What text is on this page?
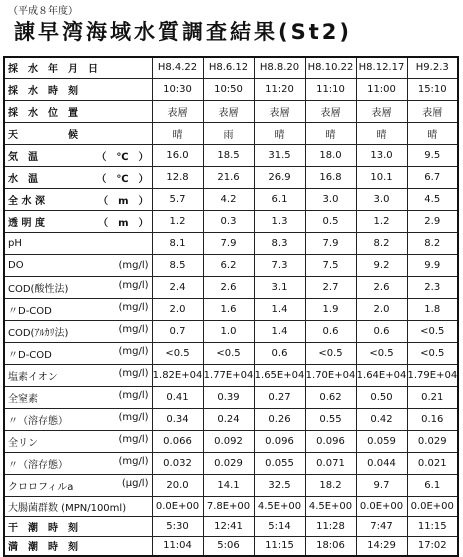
（平成８年度）
諌早湾海域水質調査結果(St2)
採　水　年　月　日	H8.4.22	H8.6.12	H8.8.20	H8.10.22	H8.12.17	H9.2.3
採　水　時　刻	10:30	10:50	11:20	11:10	11:00	15:10
採　水　位　置	表層	表層	表層	表層	表層	表層
天　　　　　候	晴	雨	晴	晴	晴	晴
気　温 （　℃　）	16.0	18.5	31.5	18.0	13.0	9.5
水　温 （　℃　）	12.8	21.6	26.9	16.8	10.1	6.7
全 水 深 （　m　）	5.7	4.2	6.1	3.0	3.0	4.5
透 明 度 （　m　）	1.2	0.3	1.3	0.5	1.2	2.9
pH	8.1	7.9	8.3	7.9	8.2	8.2
DO (mg/l)	8.5	6.2	7.3	7.5	9.2	9.9
COD(酸性法) (mg/l)	2.4	2.6	3.1	2.7	2.6	2.3
〃D-COD (mg/l)	2.0	1.6	1.4	1.9	2.0	1.8
COD(ｱﾙｶﾘ法) (mg/l)	0.7	1.0	1.4	0.6	0.6	<0.5
〃D-COD (mg/l)	<0.5	<0.5	0.6	<0.5	<0.5	<0.5
塩素イオン (mg/l)	1.82E+04	1.77E+04	1.65E+04	1.70E+04	1.64E+04	1.79E+04
全窒素 (mg/l)	0.41	0.39	0.27	0.62	0.50	0.21
〃（溶存態） (mg/l)	0.34	0.24	0.26	0.55	0.42	0.16
全リン (mg/l)	0.066	0.092	0.096	0.096	0.059	0.029
〃（溶存態） (mg/l)	0.032	0.029	0.055	0.071	0.044	0.021
クロロフィルa (μg/l)	20.0	14.1	32.5	18.2	9.7	6.1
大腸菌群数 (MPN/100ml)	0.0E+00	7.8E+00	4.5E+00	4.5E+00	0.0E+00	0.0E+00
干　潮　時　刻	5:30	12:41	5:14	11:28	7:47	11:15
満　潮　時　刻	11:04	5:06	11:15	18:06	14:29	17:02
